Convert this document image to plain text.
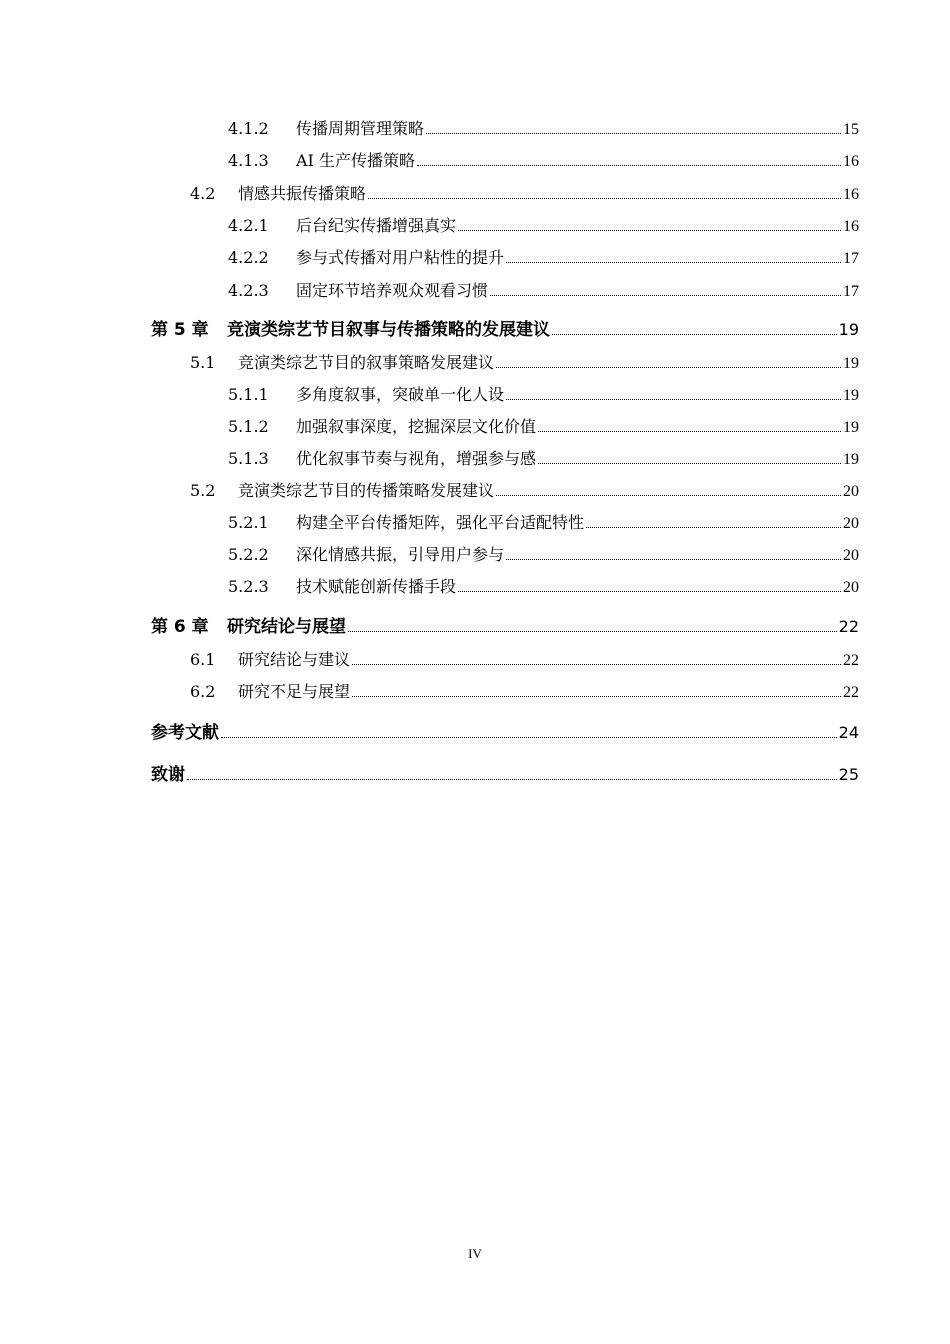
4.1.2	传播周期管理策略	15
4.1.3	AI 生产传播策略	16
4.2	情感共振传播策略	16
4.2.1	后台纪实传播增强真实	16
4.2.2	参与式传播对用户粘性的提升	17
4.2.3	固定环节培养观众观看习惯	17
第 5 章	竞演类综艺节目叙事与传播策略的发展建议	19
5.1	竞演类综艺节目的叙事策略发展建议	19
5.1.1	多角度叙事，突破单一化人设	19
5.1.2	加强叙事深度，挖掘深层文化价值	19
5.1.3	优化叙事节奏与视角，增强参与感	19
5.2	竞演类综艺节目的传播策略发展建议	20
5.2.1	构建全平台传播矩阵，强化平台适配特性	20
5.2.2	深化情感共振，引导用户参与	20
5.2.3	技术赋能创新传播手段	20
第 6 章	研究结论与展望	22
6.1	研究结论与建议	22
6.2	研究不足与展望	22
参考文献	24
致谢	25
IV
